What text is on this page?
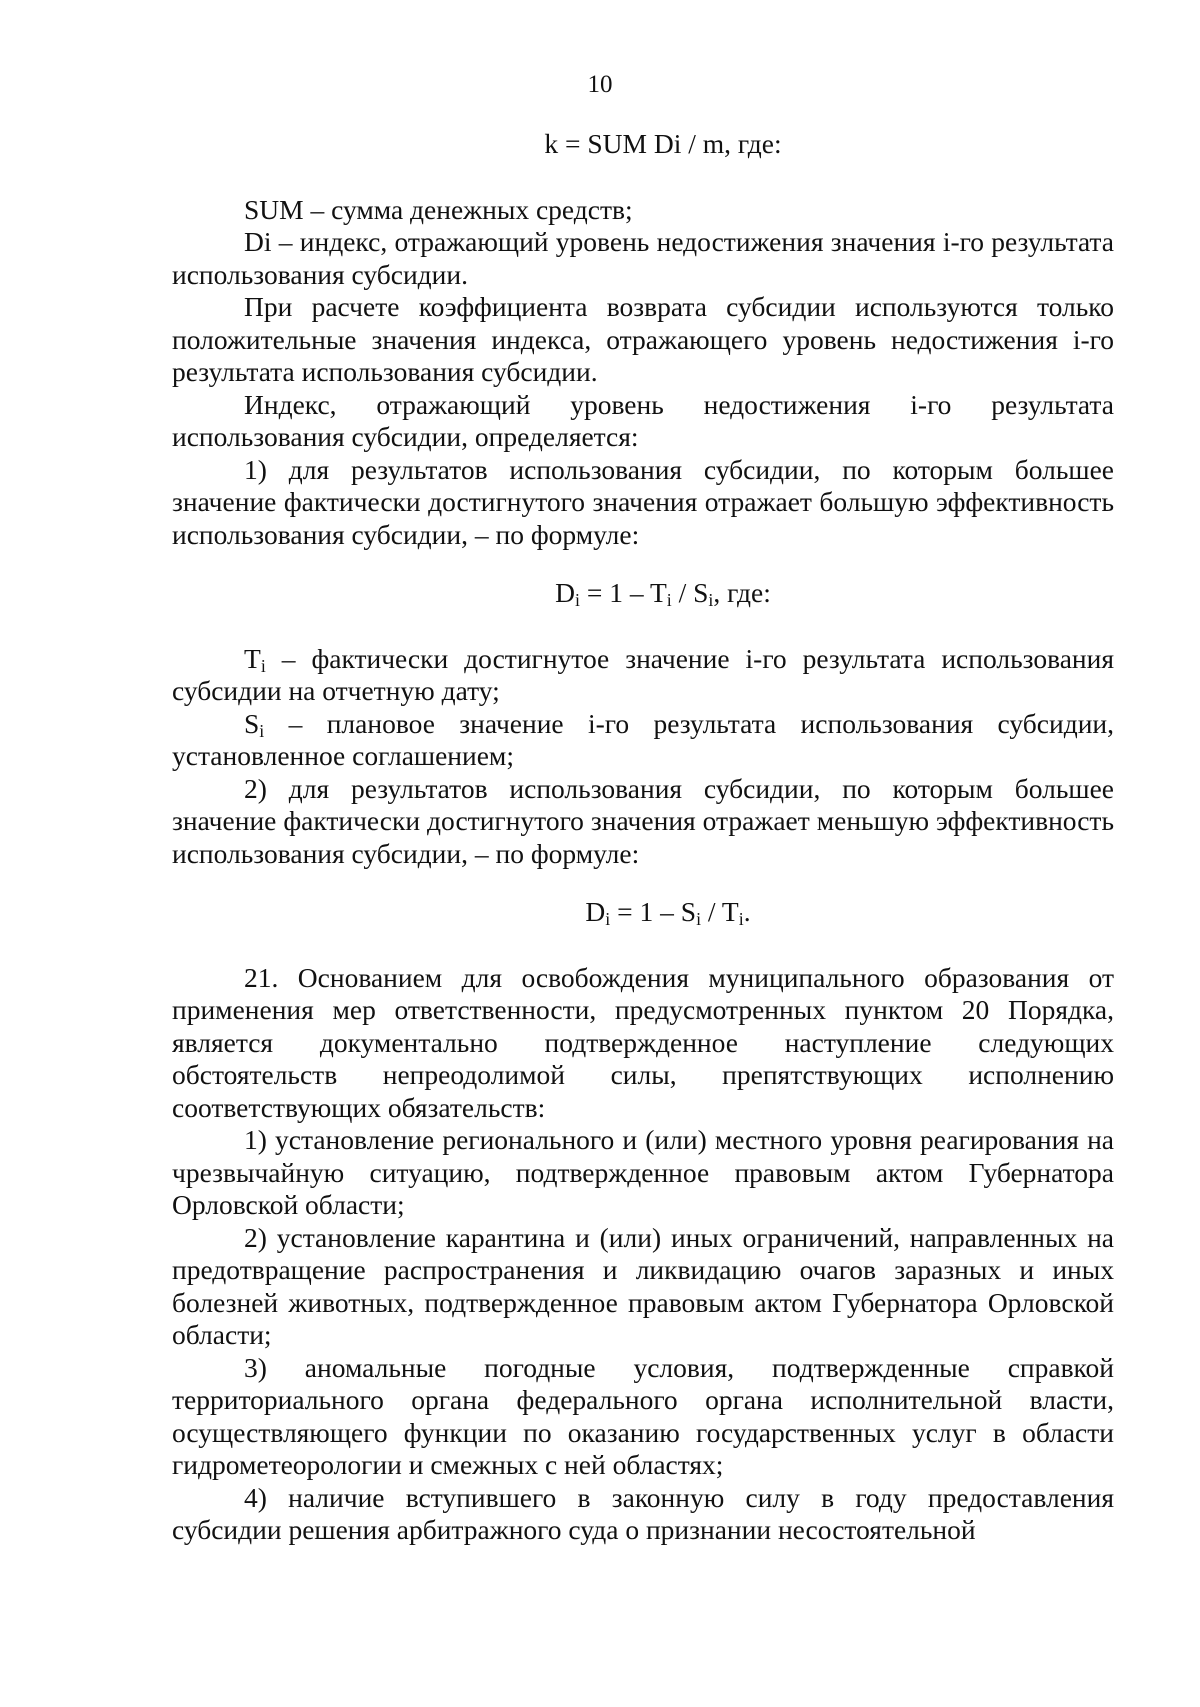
10

k = SUM Di / m, где:

SUM – сумма денежных средств;

Di – индекс, отражающий уровень недостижения значения i-го результата использования субсидии.

При расчете коэффициента возврата субсидии используются только положительные значения индекса, отражающего уровень недостижения i-го результата использования субсидии.

Индекс, отражающий уровень недостижения i-го результата использования субсидии, определяется:

1) для результатов использования субсидии, по которым большее значение фактически достигнутого значения отражает большую эффективность использования субсидии, – по формуле:

$D_i = 1 - T_i / S_i$, где:

$T_i$ – фактически достигнутое значение i-го результата использования субсидии на отчетную дату;

$S_i$ – плановое значение i-го результата использования субсидии, установленное соглашением;

2) для результатов использования субсидии, по которым большее значение фактически достигнутого значения отражает меньшую эффективность использования субсидии, – по формуле:

$D_i = 1 - S_i / T_i$.

21. Основанием для освобождения муниципального образования от применения мер ответственности, предусмотренных пунктом 20 Порядка, является документально подтвержденное наступление следующих обстоятельств непреодолимой силы, препятствующих исполнению соответствующих обязательств:

1) установление регионального и (или) местного уровня реагирования на чрезвычайную ситуацию, подтвержденное правовым актом Губернатора Орловской области;

2) установление карантина и (или) иных ограничений, направленных на предотвращение распространения и ликвидацию очагов заразных и иных болезней животных, подтвержденное правовым актом Губернатора Орловской области;

3) аномальные погодные условия, подтвержденные справкой территориального органа федерального органа исполнительной власти, осуществляющего функции по оказанию государственных услуг в области гидрометеорологии и смежных с ней областях;

4) наличие вступившего в законную силу в году предоставления субсидии решения арбитражного суда о признании несостоятельной
